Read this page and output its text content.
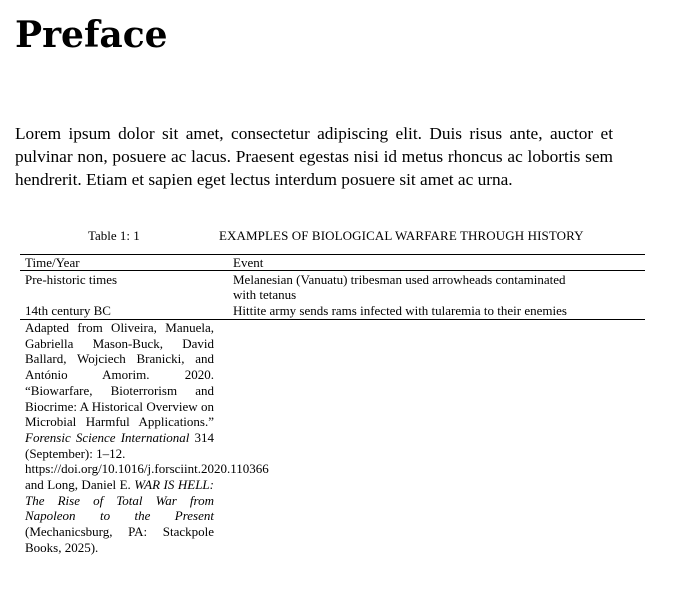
Preface

Lorem ipsum dolor sit amet, consectetur adipiscing elit. Duis risus ante, auctor et pulvinar non, posuere ac lacus. Praesent egestas nisi id metus rhoncus ac lobortis sem hendrerit. Etiam et sapien eget lectus interdum posuere sit amet ac urna.

Table 1: 1	EXAMPLES OF BIOLOGICAL WARFARE THROUGH HISTORY
Time/Year	Event
Pre-historic times	Melanesian (Vanuatu) tribesman used arrowheads contaminated
with tetanus
14th century BC	Hittite army sends rams infected with tularemia to their enemies

Adapted from Oliveira, Manuela, Gabriella Mason-Buck, David Ballard, Wojciech Branicki, and António Amorim. 2020. “Biowarfare, Bioterrorism and Biocrime: A Historical Overview on Microbial Harmful Applications.” Forensic Science International 314 (September): 1–12.
https://doi.org/10.1016/j.forsciint.2020.110366
and Long, Daniel E. WAR IS HELL: The Rise of Total War from Napoleon to the Present (Mechanicsburg, PA: Stackpole Books, 2025).
